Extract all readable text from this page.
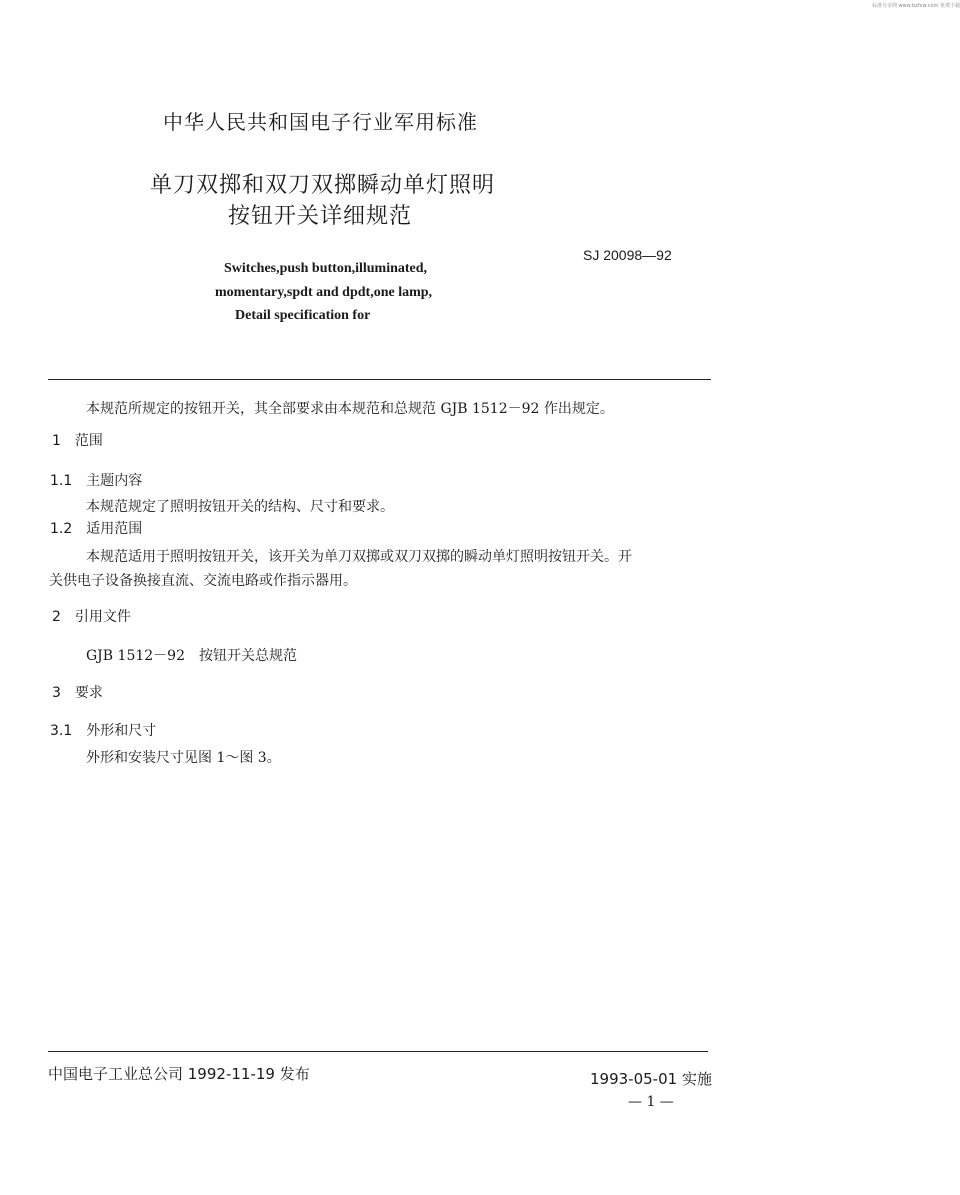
标准分享网 www.bzfxw.com 免费下载
中华人民共和国电子行业军用标准
单刀双掷和双刀双掷瞬动单灯照明
按钮开关详细规范
SJ 20098—92
Switches,push button,illuminated,
momentary,spdt and dpdt,one lamp,
Detail specification for
本规范所规定的按钮开关，其全部要求由本规范和总规范 GJB 1512－92 作出规定。
1　范围
1.1　主题内容
本规范规定了照明按钮开关的结构、尺寸和要求。
1.2　适用范围
本规范适用于照明按钮开关，该开关为单刀双掷或双刀双掷的瞬动单灯照明按钮开关。开
关供电子设备换接直流、交流电路或作指示器用。
2　引用文件
GJB 1512－92　按钮开关总规范
3　要求
3.1　外形和尺寸
外形和安装尺寸见图 1～图 3。
中国电子工业总公司 1992-11-19 发布	1993-05-01 实施
— 1 —
